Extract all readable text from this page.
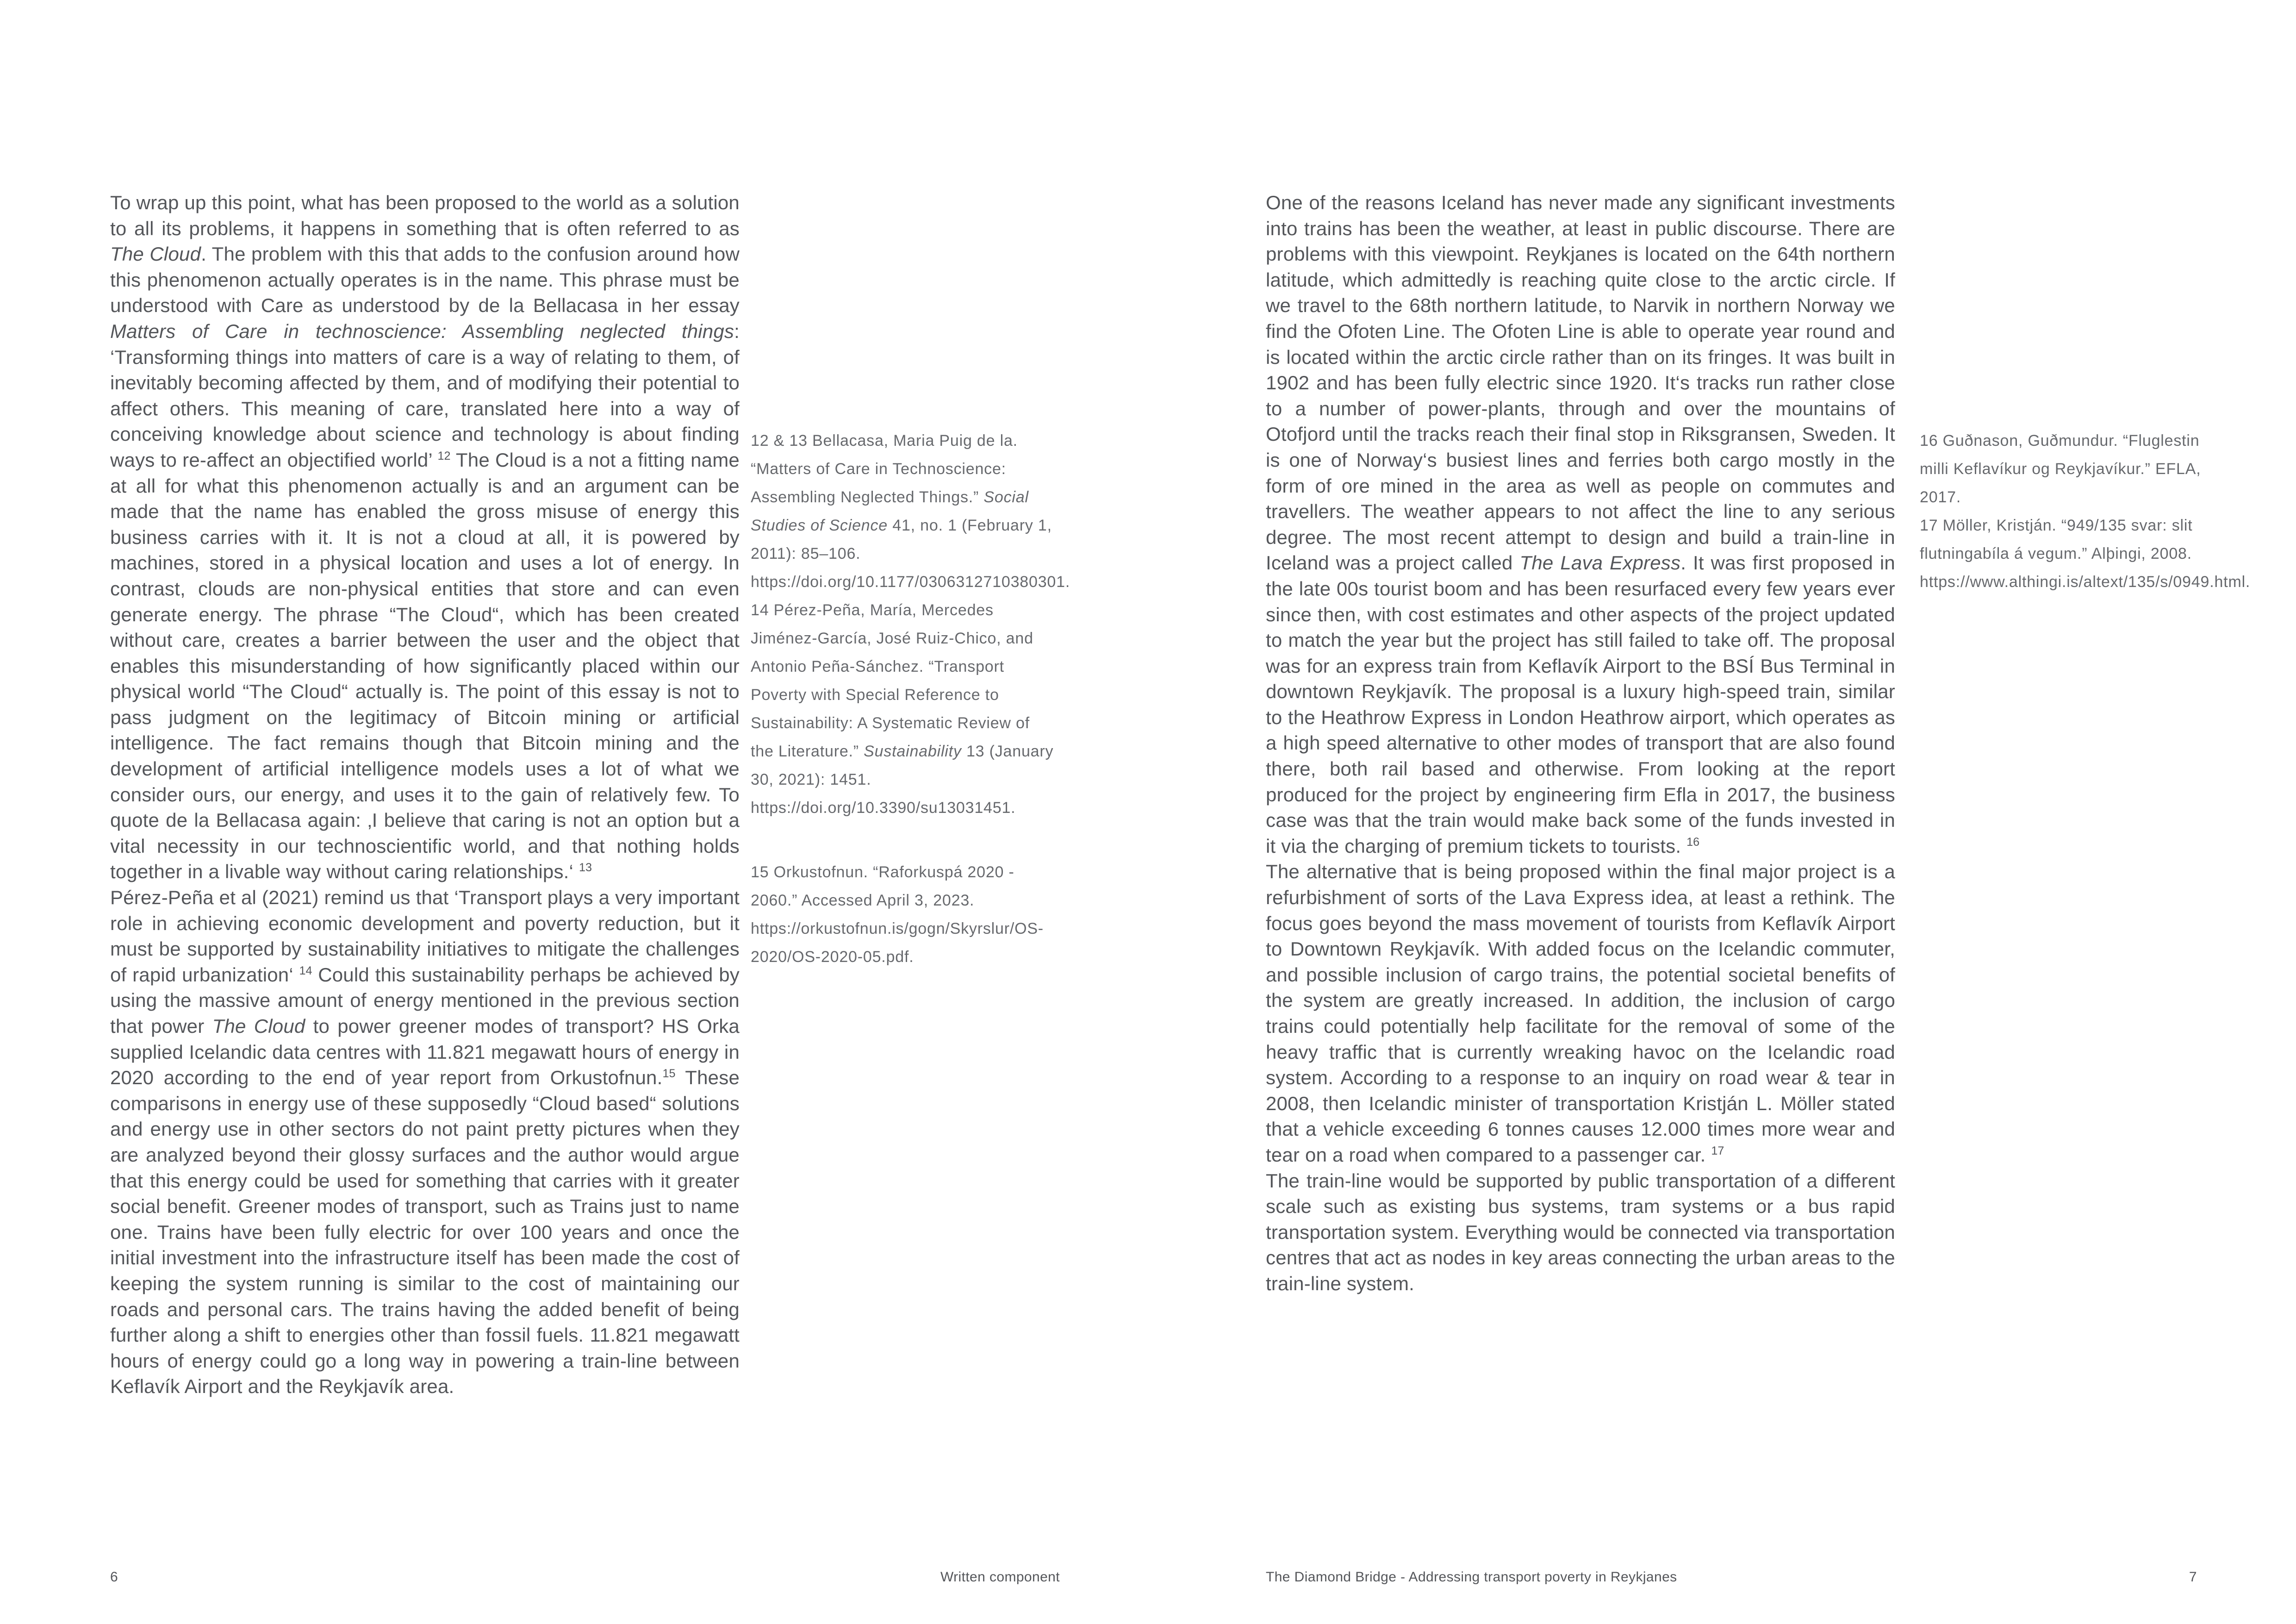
To wrap up this point, what has been proposed to the world as a solution to all its problems, it happens in something that is often referred to as The Cloud. The problem with this that adds to the confusion around how this phenomenon actually operates is in the name. This phrase must be understood with Care as understood by de la Bellacasa in her essay Matters of Care in technoscience: Assembling neglected things: ‘Transforming things into matters of care is a way of relating to them, of inevitably becoming affected by them, and of modifying their potential to affect others. This meaning of care, translated here into a way of conceiving knowledge about science and technology is about finding ways to re-affect an objectified world’ $^{12}$ The Cloud is a not a fitting name at all for what this phenomenon actually is and an argument can be made that the name has enabled the gross misuse of energy this business carries with it. It is not a cloud at all, it is powered by machines, stored in a physical location and uses a lot of energy. In contrast, clouds are non-physical entities that store and can even generate energy. The phrase “The Cloud“, which has been created without care, creates a barrier between the user and the object that enables this misunderstanding of how significantly placed within our physical world “The Cloud“ actually is. The point of this essay is not to pass judgment on the legitimacy of Bitcoin mining or artificial intelligence. The fact remains though that Bitcoin mining and the development of artificial intelligence models uses a lot of what we consider ours, our energy, and uses it to the gain of relatively few. To quote de la Bellacasa again: ‚I believe that caring is not an option but a vital necessity in our technoscientific world, and that nothing holds together in a livable way without caring relationships.‘ $^{13}$

Pérez-Peña et al (2021) remind us that ‘Transport plays a very important role in achieving economic development and poverty reduction, but it must be supported by sustainability initiatives to mitigate the challenges of rapid urbanization‘ $^{14}$ Could this sustainability perhaps be achieved by using the massive amount of energy mentioned in the previous section that power The Cloud to power greener modes of transport? HS Orka supplied Icelandic data centres with 11.821 megawatt hours of energy in 2020 according to the end of year report from Orkustofnun.$^{15}$ These comparisons in energy use of these supposedly “Cloud based“ solutions and energy use in other sectors do not paint pretty pictures when they are analyzed beyond their glossy surfaces and the author would argue that this energy could be used for something that carries with it greater social benefit. Greener modes of transport, such as Trains just to name one. Trains have been fully electric for over 100 years and once the initial investment into the infrastructure itself has been made the cost of keeping the system running is similar to the cost of maintaining our roads and personal cars. The trains having the added benefit of being further along a shift to energies other than fossil fuels. 11.821 megawatt hours of energy could go a long way in powering a train-line between Keflavík Airport and the Reykjavík area.

12 & 13 Bellacasa, Maria Puig de la. “Matters of Care in Technoscience: Assembling Neglected Things.” Social Studies of Science 41, no. 1 (February 1, 2011): 85–106. https://doi.org/10.1177/0306312710380301.

14 Pérez-Peña, María, Mercedes Jiménez-García, José Ruiz-Chico, and Antonio Peña-Sánchez. “Transport Poverty with Special Reference to Sustainability: A Systematic Review of the Literature.” Sustainability 13 (January 30, 2021): 1451. https://doi.org/10.3390/su13031451.

15 Orkustofnun. “Raforkuspá 2020 - 2060.” Accessed April 3, 2023. https://orkustofnun.is/gogn/Skyrslur/OS-2020/OS-2020-05.pdf.

One of the reasons Iceland has never made any significant investments into trains has been the weather, at least in public discourse. There are problems with this viewpoint. Reykjanes is located on the 64th northern latitude, which admittedly is reaching quite close to the arctic circle. If we travel to the 68th northern latitude, to Narvik in northern Norway we find the Ofoten Line. The Ofoten Line is able to operate year round and is located within the arctic circle rather than on its fringes. It was built in 1902 and has been fully electric since 1920. It‘s tracks run rather close to a number of power-plants, through and over the mountains of Otofjord until the tracks reach their final stop in Riksgransen, Sweden. It is one of Norway‘s busiest lines and ferries both cargo mostly in the form of ore mined in the area as well as people on commutes and travellers. The weather appears to not affect the line to any serious degree. The most recent attempt to design and build a train-line in Iceland was a project called The Lava Express. It was first proposed in the late 00s tourist boom and has been resurfaced every few years ever since then, with cost estimates and other aspects of the project updated to match the year but the project has still failed to take off. The proposal was for an express train from Keflavík Airport to the BSÍ Bus Terminal in downtown Reykjavík. The proposal is a luxury high-speed train, similar to the Heathrow Express in London Heathrow airport, which operates as a high speed alternative to other modes of transport that are also found there, both rail based and otherwise. From looking at the report produced for the project by engineering firm Efla in 2017, the business case was that the train would make back some of the funds invested in it via the charging of premium tickets to tourists. $^{16}$

The alternative that is being proposed within the final major project is a refurbishment of sorts of the Lava Express idea, at least a rethink. The focus goes beyond the mass movement of tourists from Keflavík Airport to Downtown Reykjavík. With added focus on the Icelandic commuter, and possible inclusion of cargo trains, the potential societal benefits of the system are greatly increased. In addition, the inclusion of cargo trains could potentially help facilitate for the removal of some of the heavy traffic that is currently wreaking havoc on the Icelandic road system. According to a response to an inquiry on road wear & tear in 2008, then Icelandic minister of transportation Kristján L. Möller stated that a vehicle exceeding 6 tonnes causes 12.000 times more wear and tear on a road when compared to a passenger car. $^{17}$

The train-line would be supported by public transportation of a different scale such as existing bus systems, tram systems or a bus rapid transportation system. Everything would be connected via transportation centres that act as nodes in key areas connecting the urban areas to the train-line system.

16 Guðnason, Guðmundur. “Fluglestin milli Keflavíkur og Reykjavíkur.” EFLA, 2017.

17 Möller, Kristján. “949/135 svar: slit flutningabíla á vegum.” Alþingi, 2008. https://www.althingi.is/altext/135/s/0949.html.

6	Written component	The Diamond Bridge - Addressing transport poverty in Reykjanes	7
